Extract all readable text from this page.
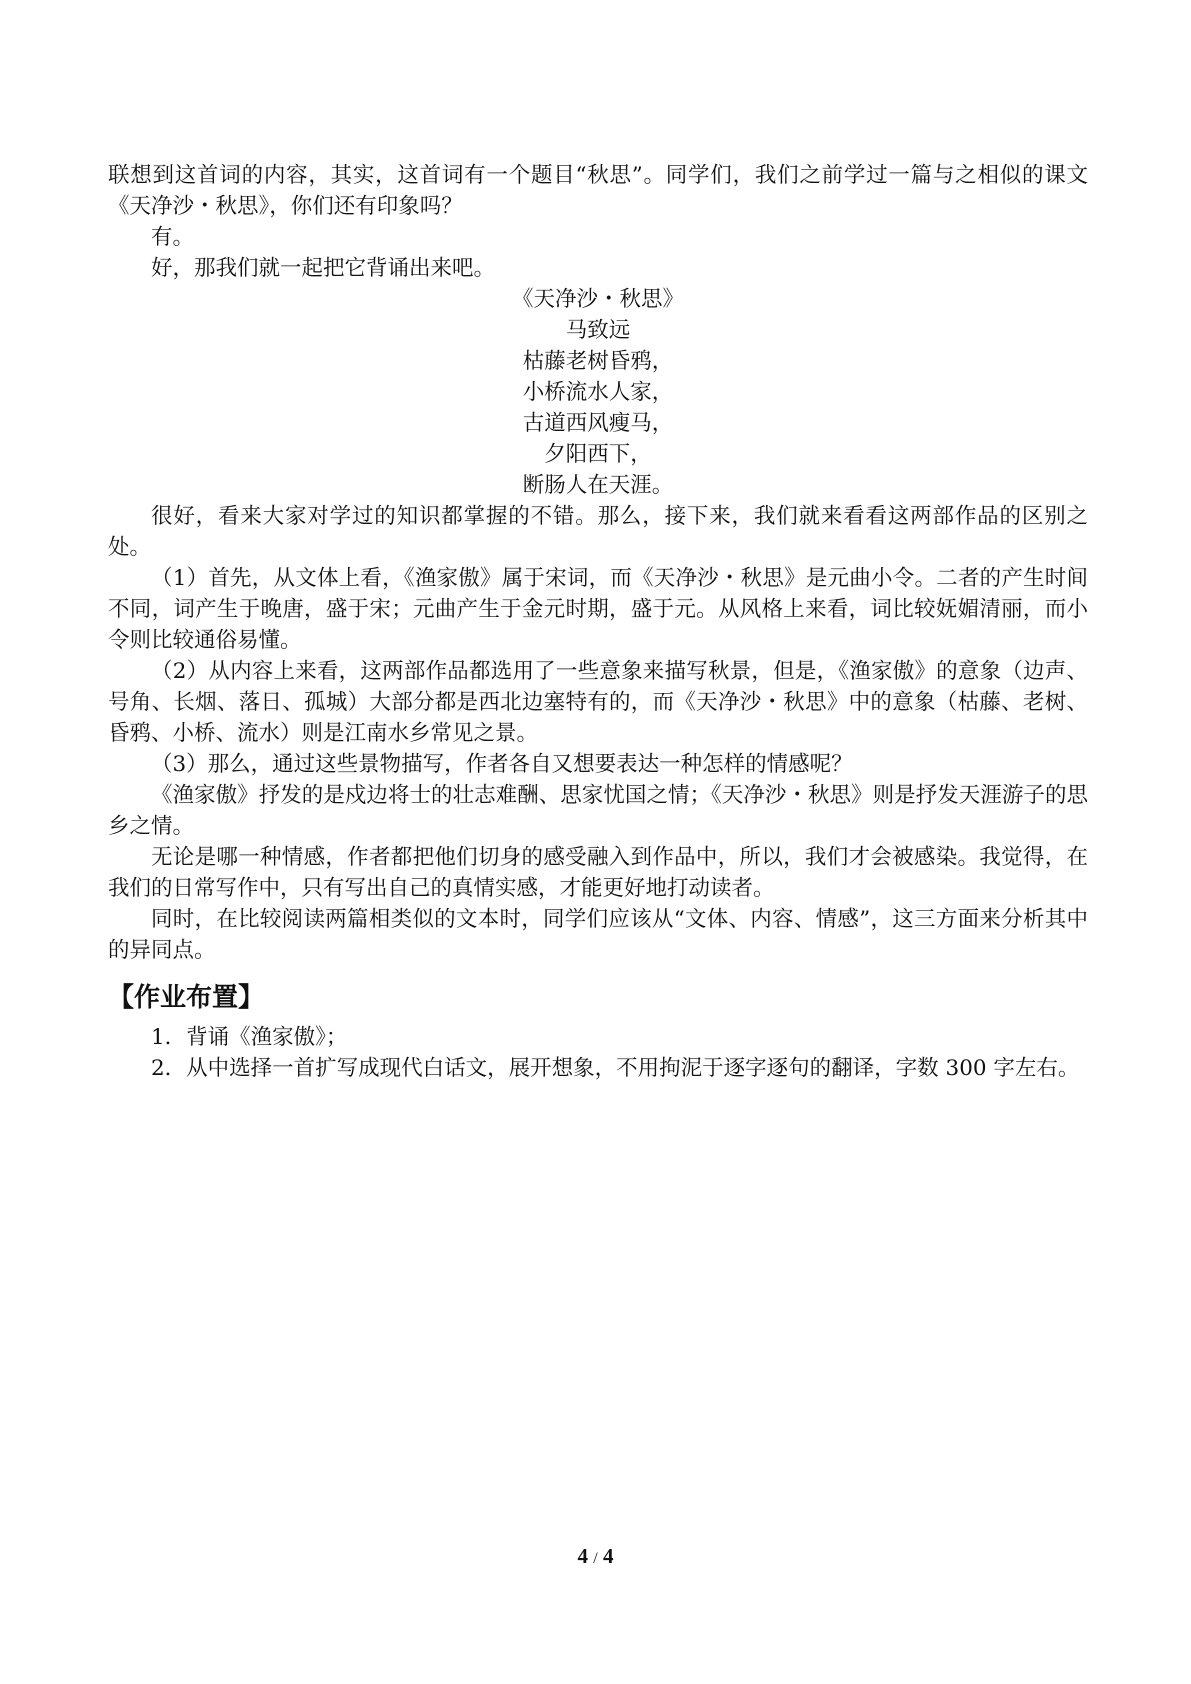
联想到这首词的内容，其实，这首词有一个题目“秋思”。同学们，我们之前学过一篇与之相似的课文《天净沙・秋思》，你们还有印象吗？

有。

好，那我们就一起把它背诵出来吧。

《天净沙・秋思》
马致远
枯藤老树昏鸦，
小桥流水人家，
古道西风瘦马，
夕阳西下，
断肠人在天涯。

很好，看来大家对学过的知识都掌握的不错。那么，接下来，我们就来看看这两部作品的区别之处。

（1）首先，从文体上看，《渔家傲》属于宋词，而《天净沙・秋思》是元曲小令。二者的产生时间不同，词产生于晚唐，盛于宋；元曲产生于金元时期，盛于元。从风格上来看，词比较妩媚清丽，而小令则比较通俗易懂。

（2）从内容上来看，这两部作品都选用了一些意象来描写秋景，但是，《渔家傲》的意象（边声、号角、长烟、落日、孤城）大部分都是西北边塞特有的，而《天净沙・秋思》中的意象（枯藤、老树、昏鸦、小桥、流水）则是江南水乡常见之景。

（3）那么，通过这些景物描写，作者各自又想要表达一种怎样的情感呢？

《渔家傲》抒发的是戍边将士的壮志难酬、思家忧国之情；《天净沙・秋思》则是抒发天涯游子的思乡之情。

无论是哪一种情感，作者都把他们切身的感受融入到作品中，所以，我们才会被感染。我觉得，在我们的日常写作中，只有写出自己的真情实感，才能更好地打动读者。

同时，在比较阅读两篇相类似的文本时，同学们应该从“文体、内容、情感”，这三方面来分析其中的异同点。

【作业布置】

1．背诵《渔家傲》；

2．从中选择一首扩写成现代白话文，展开想象，不用拘泥于逐字逐句的翻译，字数 300 字左右。

4 / 4
